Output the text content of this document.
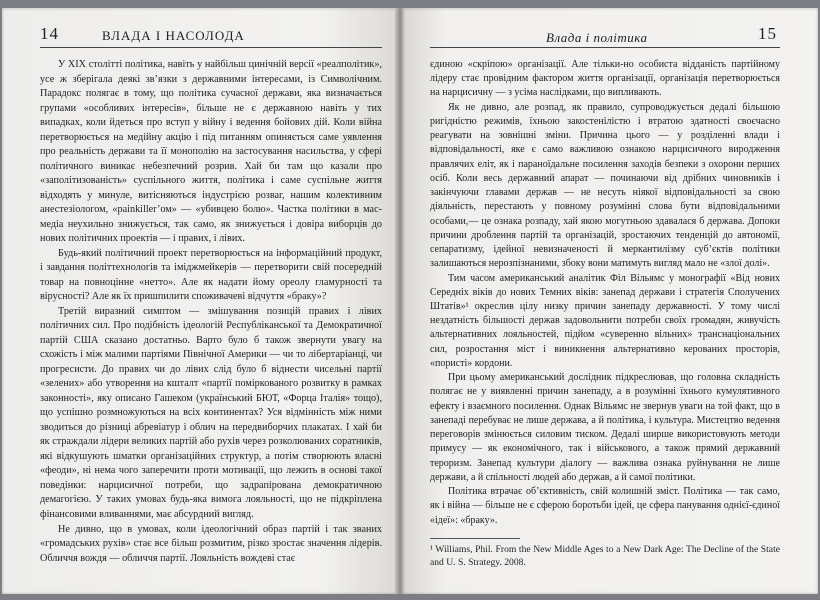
14	ВЛАДА І НАСОЛОДА

У XIX столітті політика, навіть у найбільш цинічній версії «реалполітик», усе ж зберігала деякі зв’язки з державними інтересами, із Символічним. Парадокс полягає в тому, що політика сучасної держави, яка визначається групами «особливих інтересів», більше не є державною навіть у тих випадках, коли йдеться про вступ у війну і ведення бойових дій. Коли війна перетворюється на медійну акцію і під питанням опиняється саме уявлення про реальність держави та її монополію на застосування насильства, у сфері політичного виникає небезпечний розрив. Хай би там що казали про «заполітизованість» суспільного життя, політика і саме суспільне життя відходять у минуле, витісняються індустрією розваг, нашим колективним анестезіологом, «painkiller’ом» — «убивцею болю». Частка політики в мас-медіа неухильно знижується, так само, як знижується і довіра виборців до нових політичних проектів — і правих, і лівих.

Будь-який політичний проект перетворюється на інформаційний продукт, і завдання політтехнологів та іміджмейкерів — перетворити свій посередній товар на повноцінне «нетто». Але як надати йому ореолу гламурності та вірусності? Але як їх пришпилити споживачеві відчуття «браку»?

Третій виразний симптом — змішування позицій правих і лівих політичних сил. Про подібність ідеологій Республіканської та Демократичної партій США сказано достатньо. Варто було б також звернути увагу на схожість і між малими партіями Північної Америки — чи то лібертаріанці, чи прогресисти. До правих чи до лівих слід було б віднести чисельні партії «зелених» або утворення на кшталт «партії поміркованого розвитку в рамках законності», яку описано Гашеком (український БЮТ, «Форца Італія» тощо), що успішно розмножуються на всіх континентах? Уся відмінність між ними зводиться до різниці абревіатур і облич на передвиборчих плакатах. І хай би як страждали лідери великих партій або рухів через розколюваних соратників, які відкушують шматки організаційних структур, а потім створюють власні «феоди», ні нема чого заперечити проти мотивації, що лежить в основі такої поведінки: нарцисичної потреби, що задрапірована демократичною демагогією. У таких умовах будь-яка вимога лояльності, що не підкріплена фінансовими вливаннями, має абсурдний вигляд.

Не дивно, що в умовах, коли ідеологічний образ партій і так званих «громадських рухів» стає все більш розмитим, різко зростає значення лідерів. Обличчя вождя — обличчя партії. Лояльність вождеві стає

Влада і політика	15

єдиною «скріпою» організації. Але тільки-но особиста відданість партійному лідеру стає провідним фактором життя організації, організація перетворюється на нарцисичну — з усіма наслідками, що випливають.

Як не дивно, але розпад, як правило, супроводжується дедалі більшою ригідністю режимів, їхньою закостенілістю і втратою здатності своєчасно реагувати на зовнішні зміни. Причина цього — у розділенні влади і відповідальності, яке є само важливою ознакою нарцисичного виродження правлячих еліт, як і параноїдальне посилення заходів безпеки з охорони перших осіб. Коли весь державний апарат — починаючи від дрібних чиновників і закінчуючи главами держав — не несуть ніякої відповідальності за свою діяльність, перестають у повному розумінні слова бути відповідальними особами,— це ознака розпаду, хай якою могутньою здавалася б держава. Допоки причини дроблення партій та організацій, зростаючих тенденцій до автономії, сепаратизму, ідейної невизначеності й меркантилізму суб’єктів політики залишаються нерозпізнаними, збоку вони матимуть вигляд мало не «злої долі».

Тим часом американський аналітик Філ Вільямс у монографії «Від нових Середніх віків до нових Темних віків: занепад держави і стратегія Сполучених Штатів»¹ окреслив цілу низку причин занепаду державності. У тому числі нездатність більшості держав задовольнити потреби своїх громадян, живучість альтернативних лояльностей, підйом «суверенно вільних» транснаціональних сил, розростання міст і виникнення альтернативно керованих просторів, «пористі» кордони.

При цьому американський дослідник підкреслював, що головна складність полягає не у виявленні причин занепаду, а в розумінні їхнього кумулятивного ефекту і взаємного посилення. Однак Вільямс не звернув уваги на той факт, що в занепаді перебуває не лише держава, а й політика, і культура. Мистецтво ведення переговорів змінюється силовим тиском. Дедалі ширше використовують методи примусу — як економічного, так і військового, а також прямий державний тероризм. Занепад культури діалогу — важлива ознака руйнування не лише держави, а й спільності людей або держав, а й самої політики.

Політика втрачає об’єктивність, свій колишній зміст. Політика — так само, як і війна — більше не є сферою боротьби ідей, це сфера панування однієї-єдиної «ідеї»: «браку».

¹ Williams, Phil. From the New Middle Ages to a New Dark Age: The Decline of the State and U. S. Strategy. 2008.
